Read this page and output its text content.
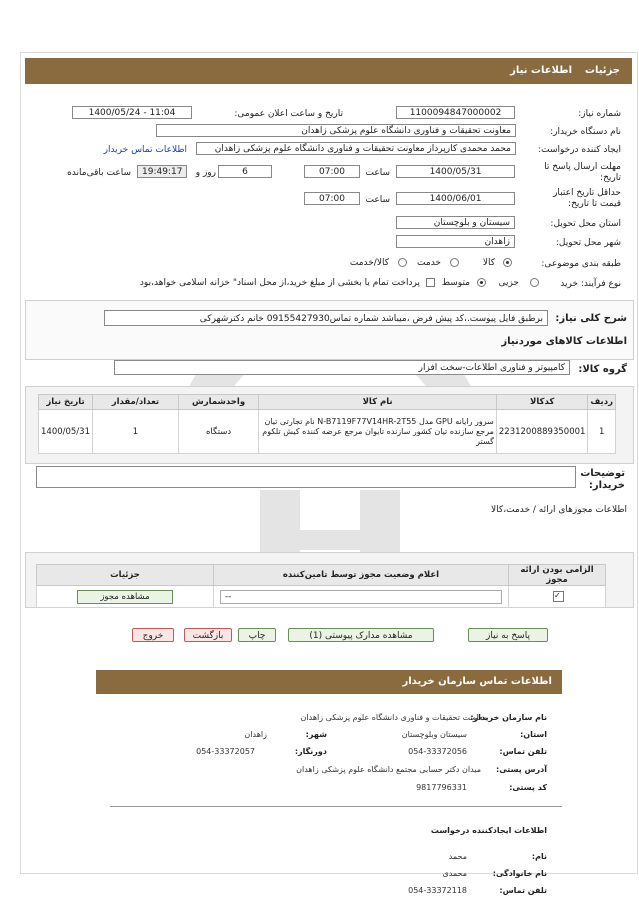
جزئیات
اطلاعات نیاز
شماره نیاز:
1100094847000002
تاریخ و ساعت اعلان عمومی:
1400/05/24 - 11:04
نام دستگاه خریدار:
معاونت تحقیقات و فناوری دانشگاه علوم پزشکی زاهدان
ایجاد کننده درخواست:
محمد محمدی کارپرداز معاونت تحقیقات و فناوری دانشگاه علوم پزشکی زاهدان
اطلاعات تماس خریدار
مهلت ارسال پاسخ تا
تاریخ:
1400/05/31
ساعت
07:00
6
روز و
19:49:17
ساعت باقی‌مانده
حداقل تاریخ اعتبار
قیمت تا تاریخ:
1400/06/01
ساعت
07:00
استان محل تحویل:
سیستان و بلوچستان
شهر محل تحویل:
زاهدان
طبقه بندی موضوعی:
کالا
خدمت
کالا/خدمت
نوع فرآیند: خرید
جزیی
متوسط
پرداخت تمام یا بخشی از مبلغ خرید،از محل اسناد" خزانه اسلامی خواهد،بود
شرح کلی نیاز:
برطبق فایل پیوست.،کد پیش فرض ،میباشد شماره تماس09155427930 خانم دکترشهرکی
اطلاعات کالاهای موردنیاز
گروه کالا:
کامپیوتر و فناوری اطلاعات-سخت افزار
ردیف	کدکالا	نام کالا	واحدشمارش	تعداد/مقدار	تاریخ نیاز
1	2231200889350001	سرور رایانه GPU مدل N-B7119F77V14HR-2T55 نام تجارتی تیان مرجع سازنده تیان کشور سازنده تایوان مرجع عرضه کننده کیش تلکوم گستر	دستگاه	1	1400/05/31
توضیحات خریدار:
اطلاعات مجوزهای ارائه / خدمت،کالا
الزامی بودن ارائه مجوز	اعلام وضعیت مجوز توسط تامین‌کننده	جزئیات
✓	--	مشاهده مجوز
پاسخ به نیاز
مشاهده مدارک پیوستی (1)
چاپ
بازگشت
خروج
اطلاعات تماس سازمان خریدار
نام سازمان خریدار:
معاونت تحقیقات و فناوری دانشگاه علوم پزشکی زاهدان
استان:
سیستان وبلوچستان
شهر:
زاهدان
تلفن تماس:
054-33372056
دورنگار:
054-33372057
آدرس پستی:
میدان دکتر حسابی مجتمع دانشگاه علوم پزشکی زاهدان
کد پستی:
9817796331
اطلاعات ایجادکننده درخواست
نام:
محمد
نام خانوادگی:
محمدی
تلفن تماس:
054-33372118
